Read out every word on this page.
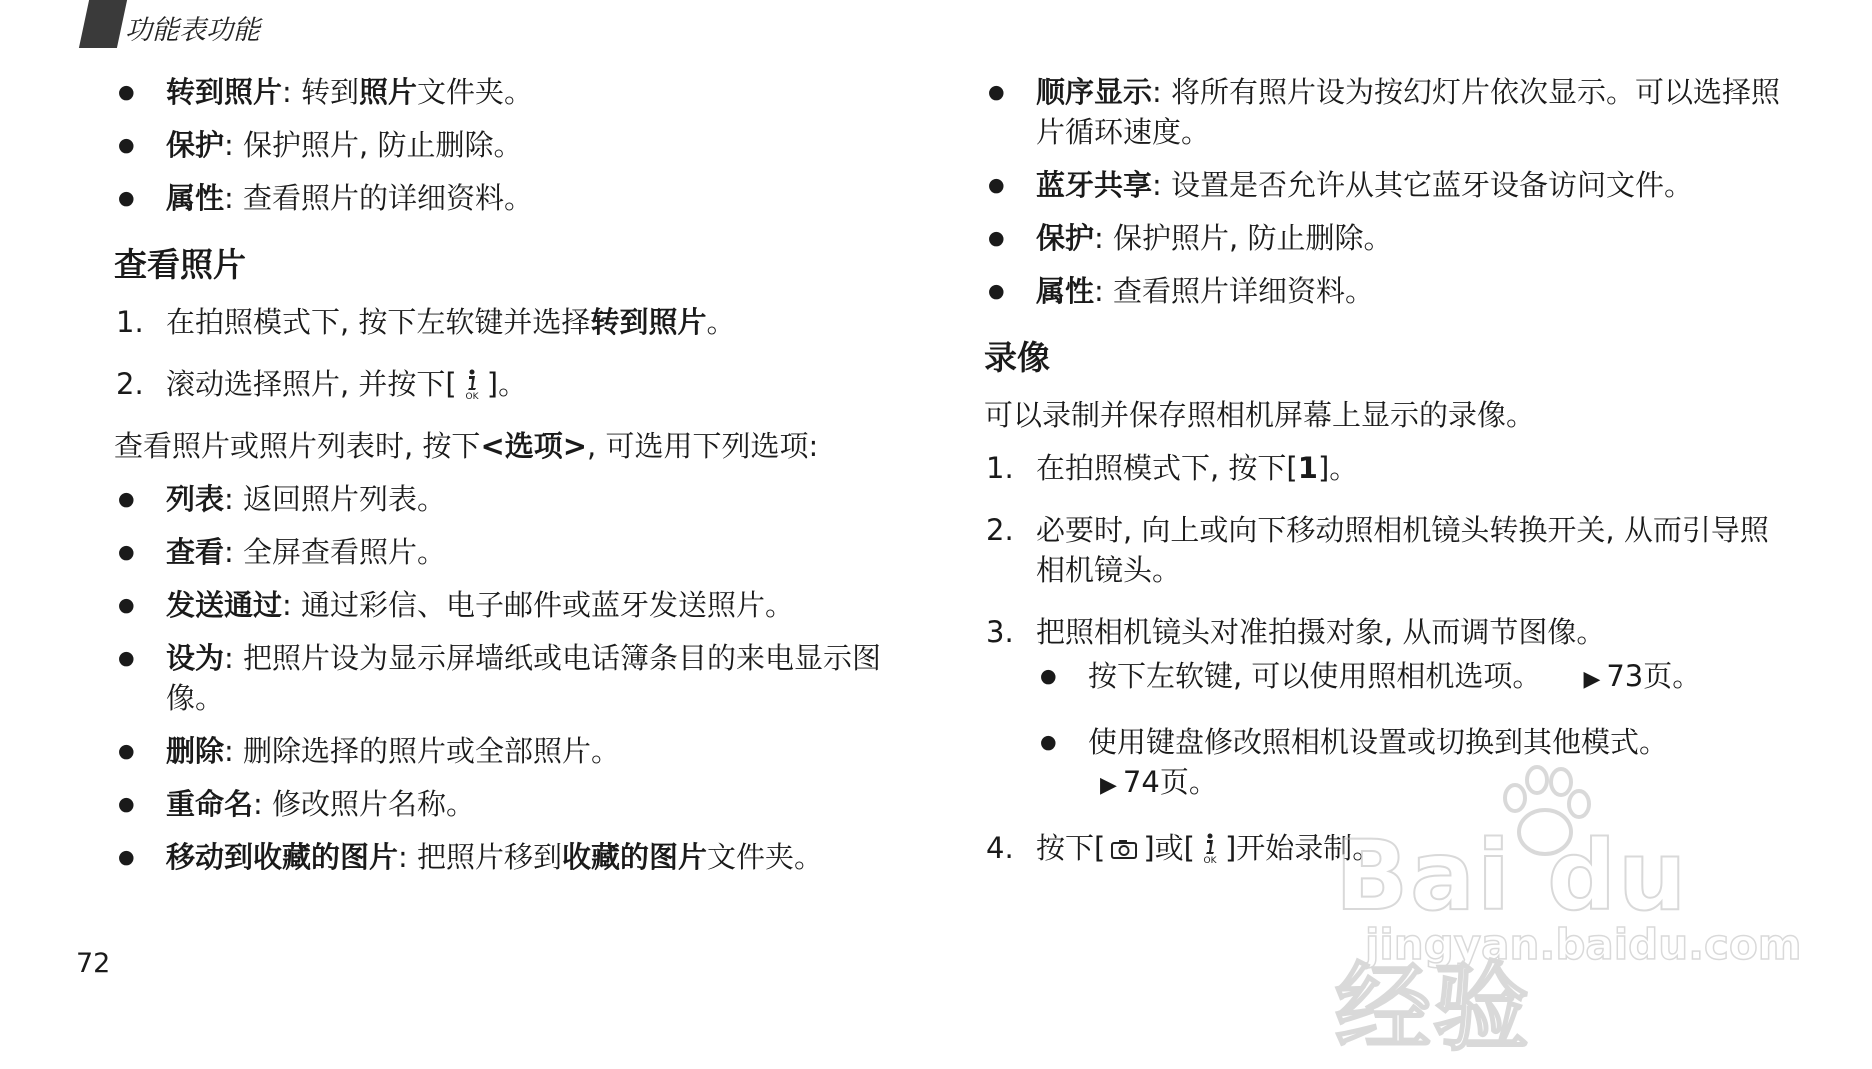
功能表功能
● 转到照片: 转到照片文件夹。
● 保护: 保护照片, 防止删除。
● 属性: 查看照片的详细资料。
查看照片
1. 在拍照模式下, 按下左软键并选择转到照片。
2. 滚动选择照片, 并按下[ OK ]。

查看照片或照片列表时, 按下<选项>, 可选用下列选项:

● 列表: 返回照片列表。
● 查看: 全屏查看照片。
● 发送通过: 通过彩信、电子邮件或蓝牙发送照片。
● 设为: 把照片设为显示屏墙纸或电话簿条目的来电显示图像。
● 删除: 删除选择的照片或全部照片。
● 重命名: 修改照片名称。
● 移动到收藏的图片: 把照片移到收藏的图片文件夹。
● 顺序显示: 将所有照片设为按幻灯片依次显示。可以选择照片循环速度。
● 蓝牙共享: 设置是否允许从其它蓝牙设备访问文件。
● 保护: 保护照片, 防止删除。
● 属性: 查看照片详细资料。
录像

可以录制并保存照相机屏幕上显示的录像。

1. 在拍照模式下, 按下[1]。
2. 必要时, 向上或向下移动照相机镜头转换开关, 从而引导照相机镜头。
3. 把照相机镜头对准拍摄对象, 从而调节图像。
● 按下左软键, 可以使用照相机选项。 ▶ 73页。
● 使用键盘修改照相机设置或切换到其他模式。
▶ 74页。
4. 按下[ ]或[ OK ]开始录制。
72
Bai du 经验
jingyan.baidu.com
